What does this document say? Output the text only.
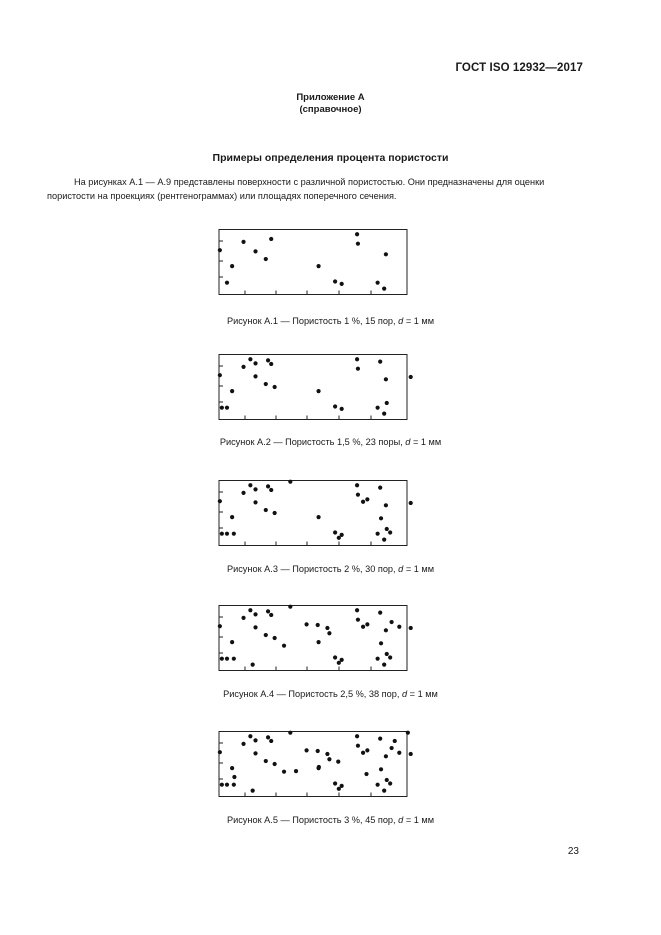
ГОСТ ISO 12932—2017
Приложение А
(справочное)
Примеры определения процента пористости

На рисунках А.1 — А.9 представлены поверхности с различной пористостью. Они предназначены для оценки пористости на проекциях (рентгенограммах) или площадях поперечного сечения.

Рисунок А.1 — Пористость 1 %, 15 пор, d = 1 мм
Рисунок А.2 — Пористость 1,5 %, 23 поры, d = 1 мм
Рисунок А.3 — Пористость 2 %, 30 пор, d = 1 мм
Рисунок А.4 — Пористость 2,5 %, 38 пор, d = 1 мм
Рисунок А.5 — Пористость 3 %, 45 пор, d = 1 мм
23
